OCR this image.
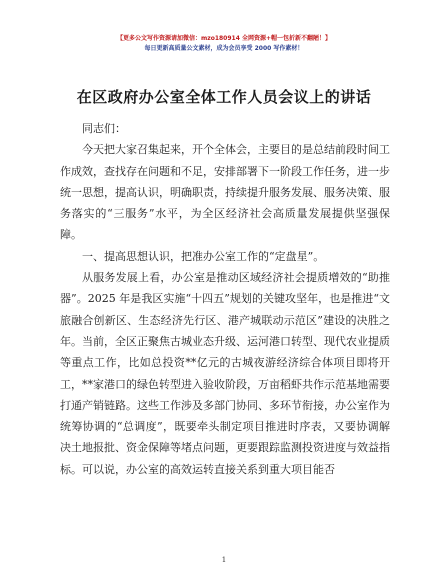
【更多公文写作资源请加微信：mzo180914 全网资源+帽一包折新不翻陋！】
每日更新高质量公文素材，成为会员享受 2000 写作素材！
在区政府办公室全体工作人员会议上的讲话

同志们：

今天把大家召集起来，开个全体会，主要目的是总结前段时间工作成效，查找存在问题和不足，安排部署下一阶段工作任务，进一步统一思想，提高认识，明确职责，持续提升服务发展、服务决策、服务落实的“三服务”水平，为全区经济社会高质量发展提供坚强保障。

一、提高思想认识，把准办公室工作的“定盘星”。

从服务发展上看，办公室是推动区域经济社会提质增效的“助推器”。2025 年是我区实施“十四五”规划的关键攻坚年，也是推进“文旅融合创新区、生态经济先行区、港产城联动示范区”建设的决胜之年。当前，全区正聚焦古城业态升级、运河港口转型、现代农业提质等重点工作，比如总投资**亿元的古城夜游经济综合体项目即将开工，**家港口的绿色转型进入验收阶段，万亩稻虾共作示范基地需要打通产销链路。这些工作涉及多部门协同、多环节衔接，办公室作为统筹协调的“总调度”，既要牵头制定项目推进时序表，又要协调解决土地报批、资金保障等堵点问题，更要跟踪监测投资进度与效益指标。可以说，办公室的高效运转直接关系到重大项目能否

1
